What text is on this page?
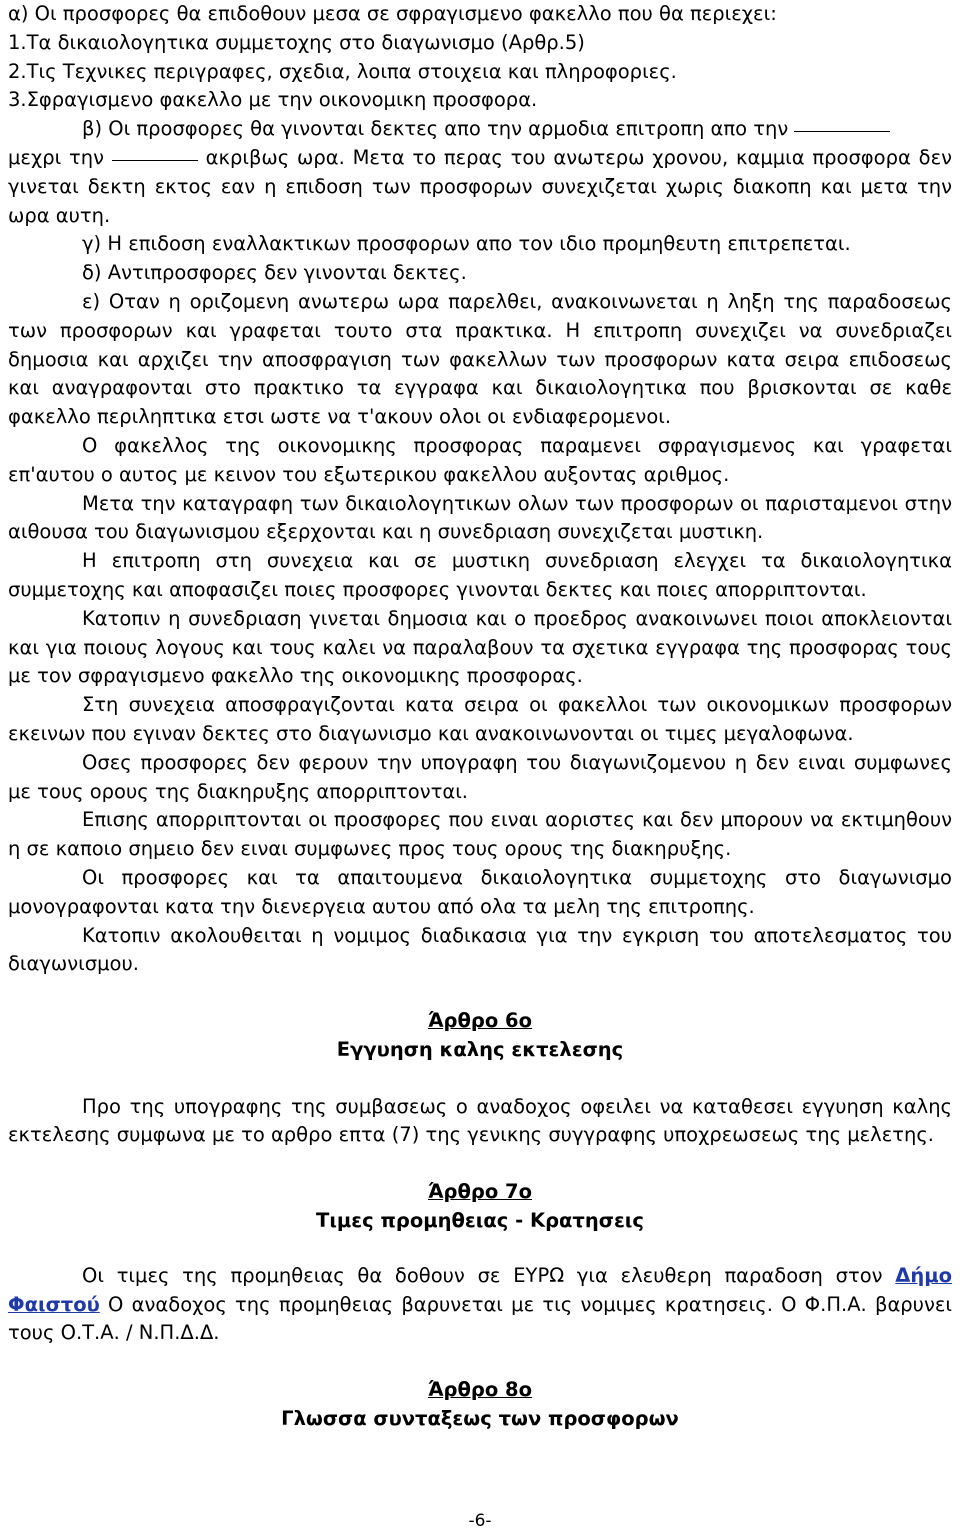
α) Οι προσφορες θα επιδοθουν μεσα σε σφραγισμενο φακελλο που θα περιεχει:

1.Τα δικαιολογητικα συμμετοχης στο διαγωνισμο (Αρθρ.5)

2.Τις Τεχνικες περιγραφες, σχεδια, λοιπα στοιχεια και πληροφοριες.

3.Σφραγισμενο φακελλο με την οικονομικη προσφορα.

β) Οι προσφορες θα γινονται δεκτες απο την αρμοδια επιτροπη απο την

μεχρι την	ακριβως ωρα. Μετα το περας του ανωτερω χρονου, καμμια προσφορα δεν γινεται δεκτη εκτος εαν η επιδοση των προσφορων συνεχιζεται χωρις διακοπη και μετα την ωρα αυτη.

γ) Η επιδοση εναλλακτικων προσφορων απο τον ιδιο προμηθευτη επιτρεπεται.

δ) Αντιπροσφορες δεν γινονται δεκτες.

ε) Οταν η οριζομενη ανωτερω ωρα παρελθει, ανακοινωνεται η ληξη της παραδοσεως των προσφορων και γραφεται τουτο στα πρακτικα. Η επιτροπη συνεχιζει να συνεδριαζει δημοσια και αρχιζει την αποσφραγιση των φακελλων των προσφορων κατα σειρα επιδοσεως και αναγραφονται στο πρακτικο τα εγγραφα και δικαιολογητικα που βρισκονται σε καθε φακελλο περιληπτικα ετσι ωστε να τ'ακουν ολοι οι ενδιαφερομενοι.

Ο φακελλος της οικονομικης προσφορας παραμενει σφραγισμενος και γραφεται επ'αυτου ο αυτος με κεινον του εξωτερικου φακελλου αυξοντας αριθμος.

Μετα την καταγραφη των δικαιολογητικων ολων των προσφορων οι παρισταμενοι στην αιθουσα του διαγωνισμου εξερχονται και η συνεδριαση συνεχιζεται μυστικη.

Η επιτροπη στη συνεχεια και σε μυστικη συνεδριαση ελεγχει τα δικαιολογητικα συμμετοχης και αποφασιζει ποιες προσφορες γινονται δεκτες και ποιες απορριπτονται.

Κατοπιν η συνεδριαση γινεται δημοσια και ο προεδρος ανακοινωνει ποιοι αποκλειονται και για ποιους λογους και τους καλει να παραλαβουν τα σχετικα εγγραφα της προσφορας τους με τον σφραγισμενο φακελλο της οικονομικης προσφορας.

Στη συνεχεια αποσφραγιζονται κατα σειρα οι φακελλοι των οικονομικων προσφορων εκεινων που εγιναν δεκτες στο διαγωνισμο και ανακοινωνονται οι τιμες μεγαλοφωνα.

Οσες προσφορες δεν φερουν την υπογραφη του διαγωνιζομενου η δεν ειναι συμφωνες με τους ορους της διακηρυξης απορριπτονται.

Επισης απορριπτονται οι προσφορες που ειναι αοριστες και δεν μπορουν να εκτιμηθουν η σε καποιο σημειο δεν ειναι συμφωνες προς τους ορους της διακηρυξης.

Οι προσφορες και τα απαιτουμενα δικαιολογητικα συμμετοχης στο διαγωνισμο μονογραφονται κατα την διενεργεια αυτου από ολα τα μελη της επιτροπης.

Κατοπιν ακολουθειται η νομιμος διαδικασια για την εγκριση του αποτελεσματος του διαγωνισμου.

Άρθρο 6ο

Εγγυηση καλης εκτελεσης

Προ της υπογραφης της συμβασεως ο αναδοχος οφειλει να καταθεσει εγγυηση καλης εκτελεσης συμφωνα με το αρθρο επτα (7) της γενικης συγγραφης υποχρεωσεως της μελετης.

Άρθρο 7ο

Τιμες προμηθειας - Κρατησεις

Οι τιμες της προμηθειας θα δοθουν σε ΕΥΡΩ για ελευθερη παραδοση στον Δήμο Φαιστού Ο αναδοχος της προμηθειας βαρυνεται με τις νομιμες κρατησεις. Ο Φ.Π.Α. βαρυνει τους Ο.Τ.Α. / Ν.Π.Δ.Δ.

Άρθρο 8ο

Γλωσσα συνταξεως των προσφορων

-6-
